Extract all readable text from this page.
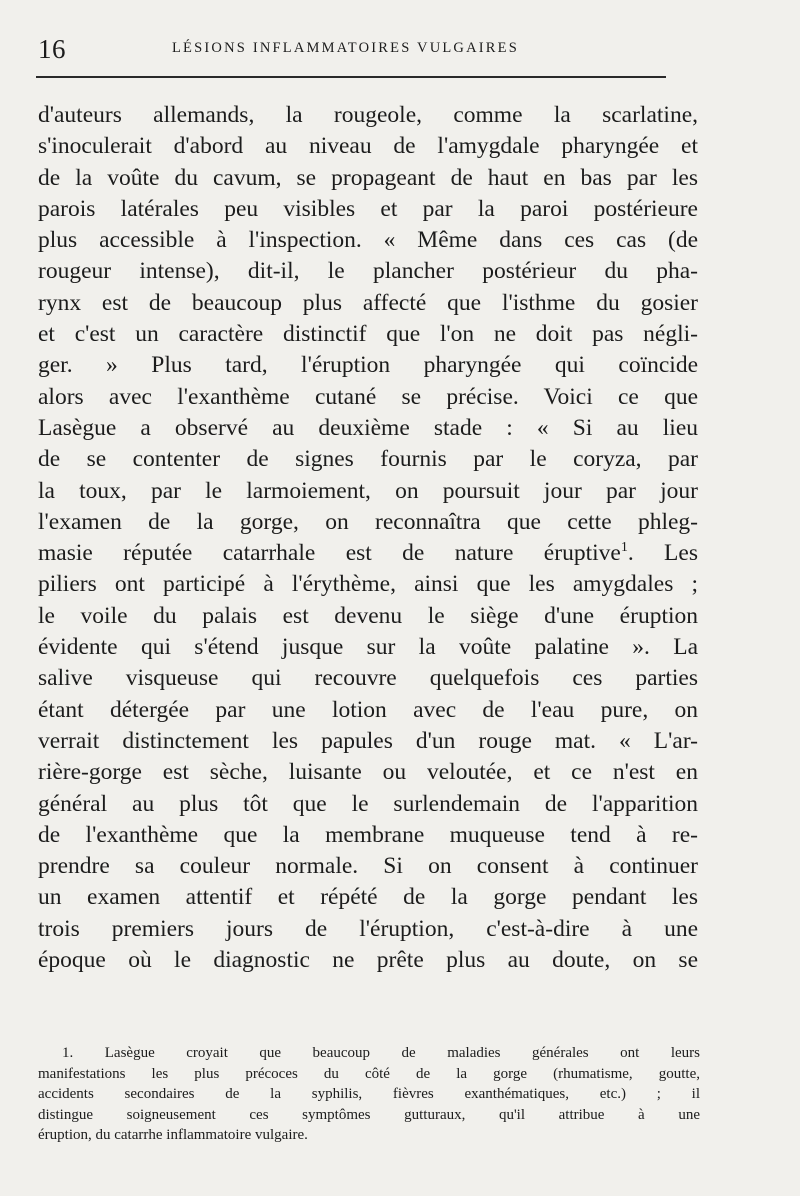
16	LÉSIONS INFLAMMATOIRES VULGAIRES
d'auteurs allemands, la rougeole, comme la scarlatine,
s'inoculerait d'abord au niveau de l'amygdale pharyngée et
de la voûte du cavum, se propageant de haut en bas par les
parois latérales peu visibles et par la paroi postérieure
plus accessible à l'inspection. « Même dans ces cas (de
rougeur intense), dit-il, le plancher postérieur du pha-
rynx est de beaucoup plus affecté que l'isthme du gosier
et c'est un caractère distinctif que l'on ne doit pas négli-
ger. » Plus tard, l'éruption pharyngée qui coïncide
alors avec l'exanthème cutané se précise. Voici ce que
Lasègue a observé au deuxième stade : « Si au lieu
de se contenter de signes fournis par le coryza, par
la toux, par le larmoiement, on poursuit jour par jour
l'examen de la gorge, on reconnaîtra que cette phleg-
masie réputée catarrhale est de nature éruptive$^1$. Les
piliers ont participé à l'érythème, ainsi que les amygdales ;
le voile du palais est devenu le siège d'une éruption
évidente qui s'étend jusque sur la voûte palatine ». La
salive visqueuse qui recouvre quelquefois ces parties
étant détergée par une lotion avec de l'eau pure, on
verrait distinctement les papules d'un rouge mat. « L'ar-
rière-gorge est sèche, luisante ou veloutée, et ce n'est en
général au plus tôt que le surlendemain de l'apparition
de l'exanthème que la membrane muqueuse tend à re-
prendre sa couleur normale. Si on consent à continuer
un examen attentif et répété de la gorge pendant les
trois premiers jours de l'éruption, c'est-à-dire à une
époque où le diagnostic ne prête plus au doute, on se
1. Lasègue croyait que beaucoup de maladies générales ont leurs
manifestations les plus précoces du côté de la gorge (rhumatisme, goutte,
accidents secondaires de la syphilis, fièvres exanthématiques, etc.) ; il
distingue soigneusement ces symptômes gutturaux, qu'il attribue à une
éruption, du catarrhe inflammatoire vulgaire.
